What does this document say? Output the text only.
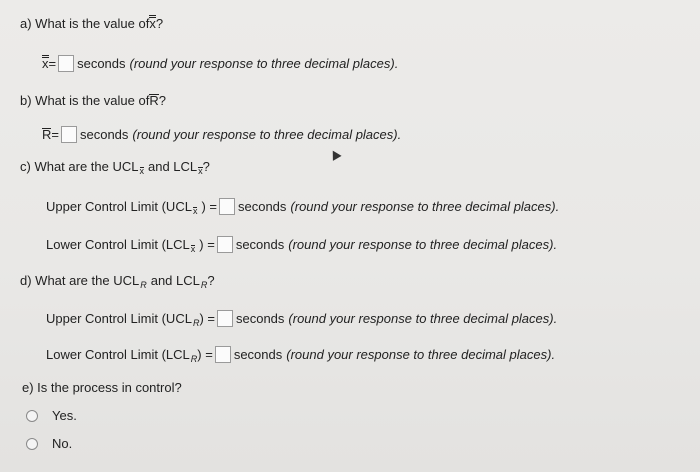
a) What is the value of x ?
x = seconds (round your response to three decimal places).
b) What is the value of R ?
R = seconds (round your response to three decimal places).
c) What are the UCL x and LCL x ?
Upper Control Limit (UCL x ) = seconds (round your response to three decimal places).
Lower Control Limit (LCL x ) = seconds (round your response to three decimal places).
d) What are the UCL R and LCL R ?
Upper Control Limit (UCL R ) = seconds (round your response to three decimal places).
Lower Control Limit (LCL R ) = seconds (round your response to three decimal places).
e) Is the process in control?
Yes.
No.
